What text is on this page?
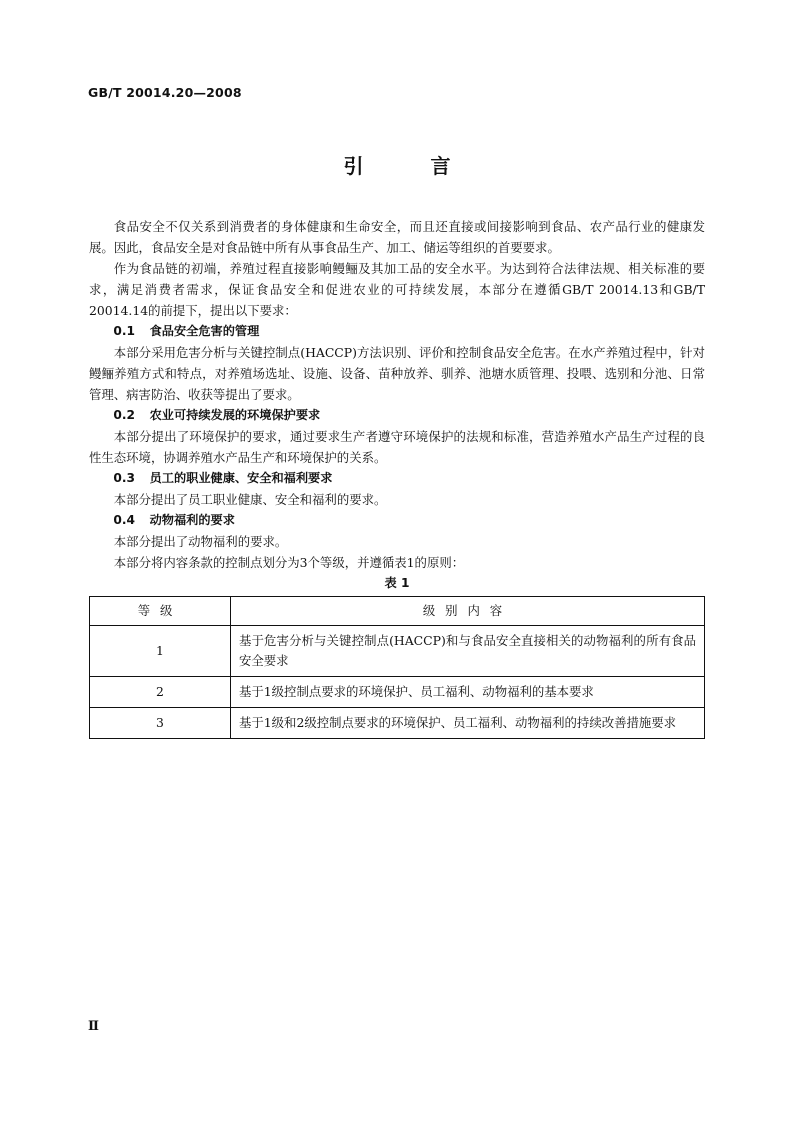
GB/T 20014.20—2008
引 言

食品安全不仅关系到消费者的身体健康和生命安全，而且还直接或间接影响到食品、农产品行业的健康发展。因此，食品安全是对食品链中所有从事食品生产、加工、储运等组织的首要要求。

作为食品链的初端，养殖过程直接影响鳗鲡及其加工品的安全水平。为达到符合法律法规、相关标准的要求，满足消费者需求，保证食品安全和促进农业的可持续发展，本部分在遵循GB/T 20014.13和GB/T 20014.14的前提下，提出以下要求：

0.1 食品安全危害的管理

本部分采用危害分析与关键控制点(HACCP)方法识别、评价和控制食品安全危害。在水产养殖过程中，针对鳗鲡养殖方式和特点，对养殖场选址、设施、设备、苗种放养、驯养、池塘水质管理、投喂、选别和分池、日常管理、病害防治、收获等提出了要求。

0.2 农业可持续发展的环境保护要求

本部分提出了环境保护的要求，通过要求生产者遵守环境保护的法规和标准，营造养殖水产品生产过程的良性生态环境，协调养殖水产品生产和环境保护的关系。

0.3 员工的职业健康、安全和福利要求

本部分提出了员工职业健康、安全和福利的要求。

0.4 动物福利的要求

本部分提出了动物福利的要求。

本部分将内容条款的控制点划分为3个等级，并遵循表1的原则：

表 1

等级	级别内容
1	基于危害分析与关键控制点(HACCP)和与食品安全直接相关的动物福利的所有食品安全要求
2	基于1级控制点要求的环境保护、员工福利、动物福利的基本要求
3	基于1级和2级控制点要求的环境保护、员工福利、动物福利的持续改善措施要求
Ⅱ
